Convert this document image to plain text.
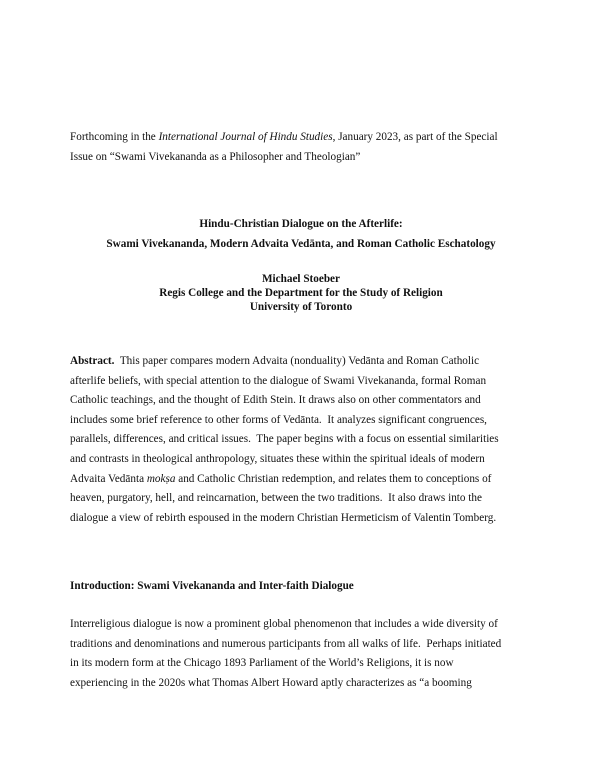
Forthcoming in the International Journal of Hindu Studies, January 2023, as part of the Special
Issue on “Swami Vivekananda as a Philosopher and Theologian”
Hindu-Christian Dialogue on the Afterlife:
Swami Vivekananda, Modern Advaita Vedānta, and Roman Catholic Eschatology
Michael Stoeber
Regis College and the Department for the Study of Religion
University of Toronto
Abstract.  This paper compares modern Advaita (nonduality) Vedānta and Roman Catholic
afterlife beliefs, with special attention to the dialogue of Swami Vivekananda, formal Roman
Catholic teachings, and the thought of Edith Stein. It draws also on other commentators and
includes some brief reference to other forms of Vedānta.  It analyzes significant congruences,
parallels, differences, and critical issues.  The paper begins with a focus on essential similarities
and contrasts in theological anthropology, situates these within the spiritual ideals of modern
Advaita Vedānta mokṣa and Catholic Christian redemption, and relates them to conceptions of
heaven, purgatory, hell, and reincarnation, between the two traditions.  It also draws into the
dialogue a view of rebirth espoused in the modern Christian Hermeticism of Valentin Tomberg.
Introduction: Swami Vivekananda and Inter-faith Dialogue
Interreligious dialogue is now a prominent global phenomenon that includes a wide diversity of
traditions and denominations and numerous participants from all walks of life.  Perhaps initiated
in its modern form at the Chicago 1893 Parliament of the World’s Religions, it is now
experiencing in the 2020s what Thomas Albert Howard aptly characterizes as “a booming
